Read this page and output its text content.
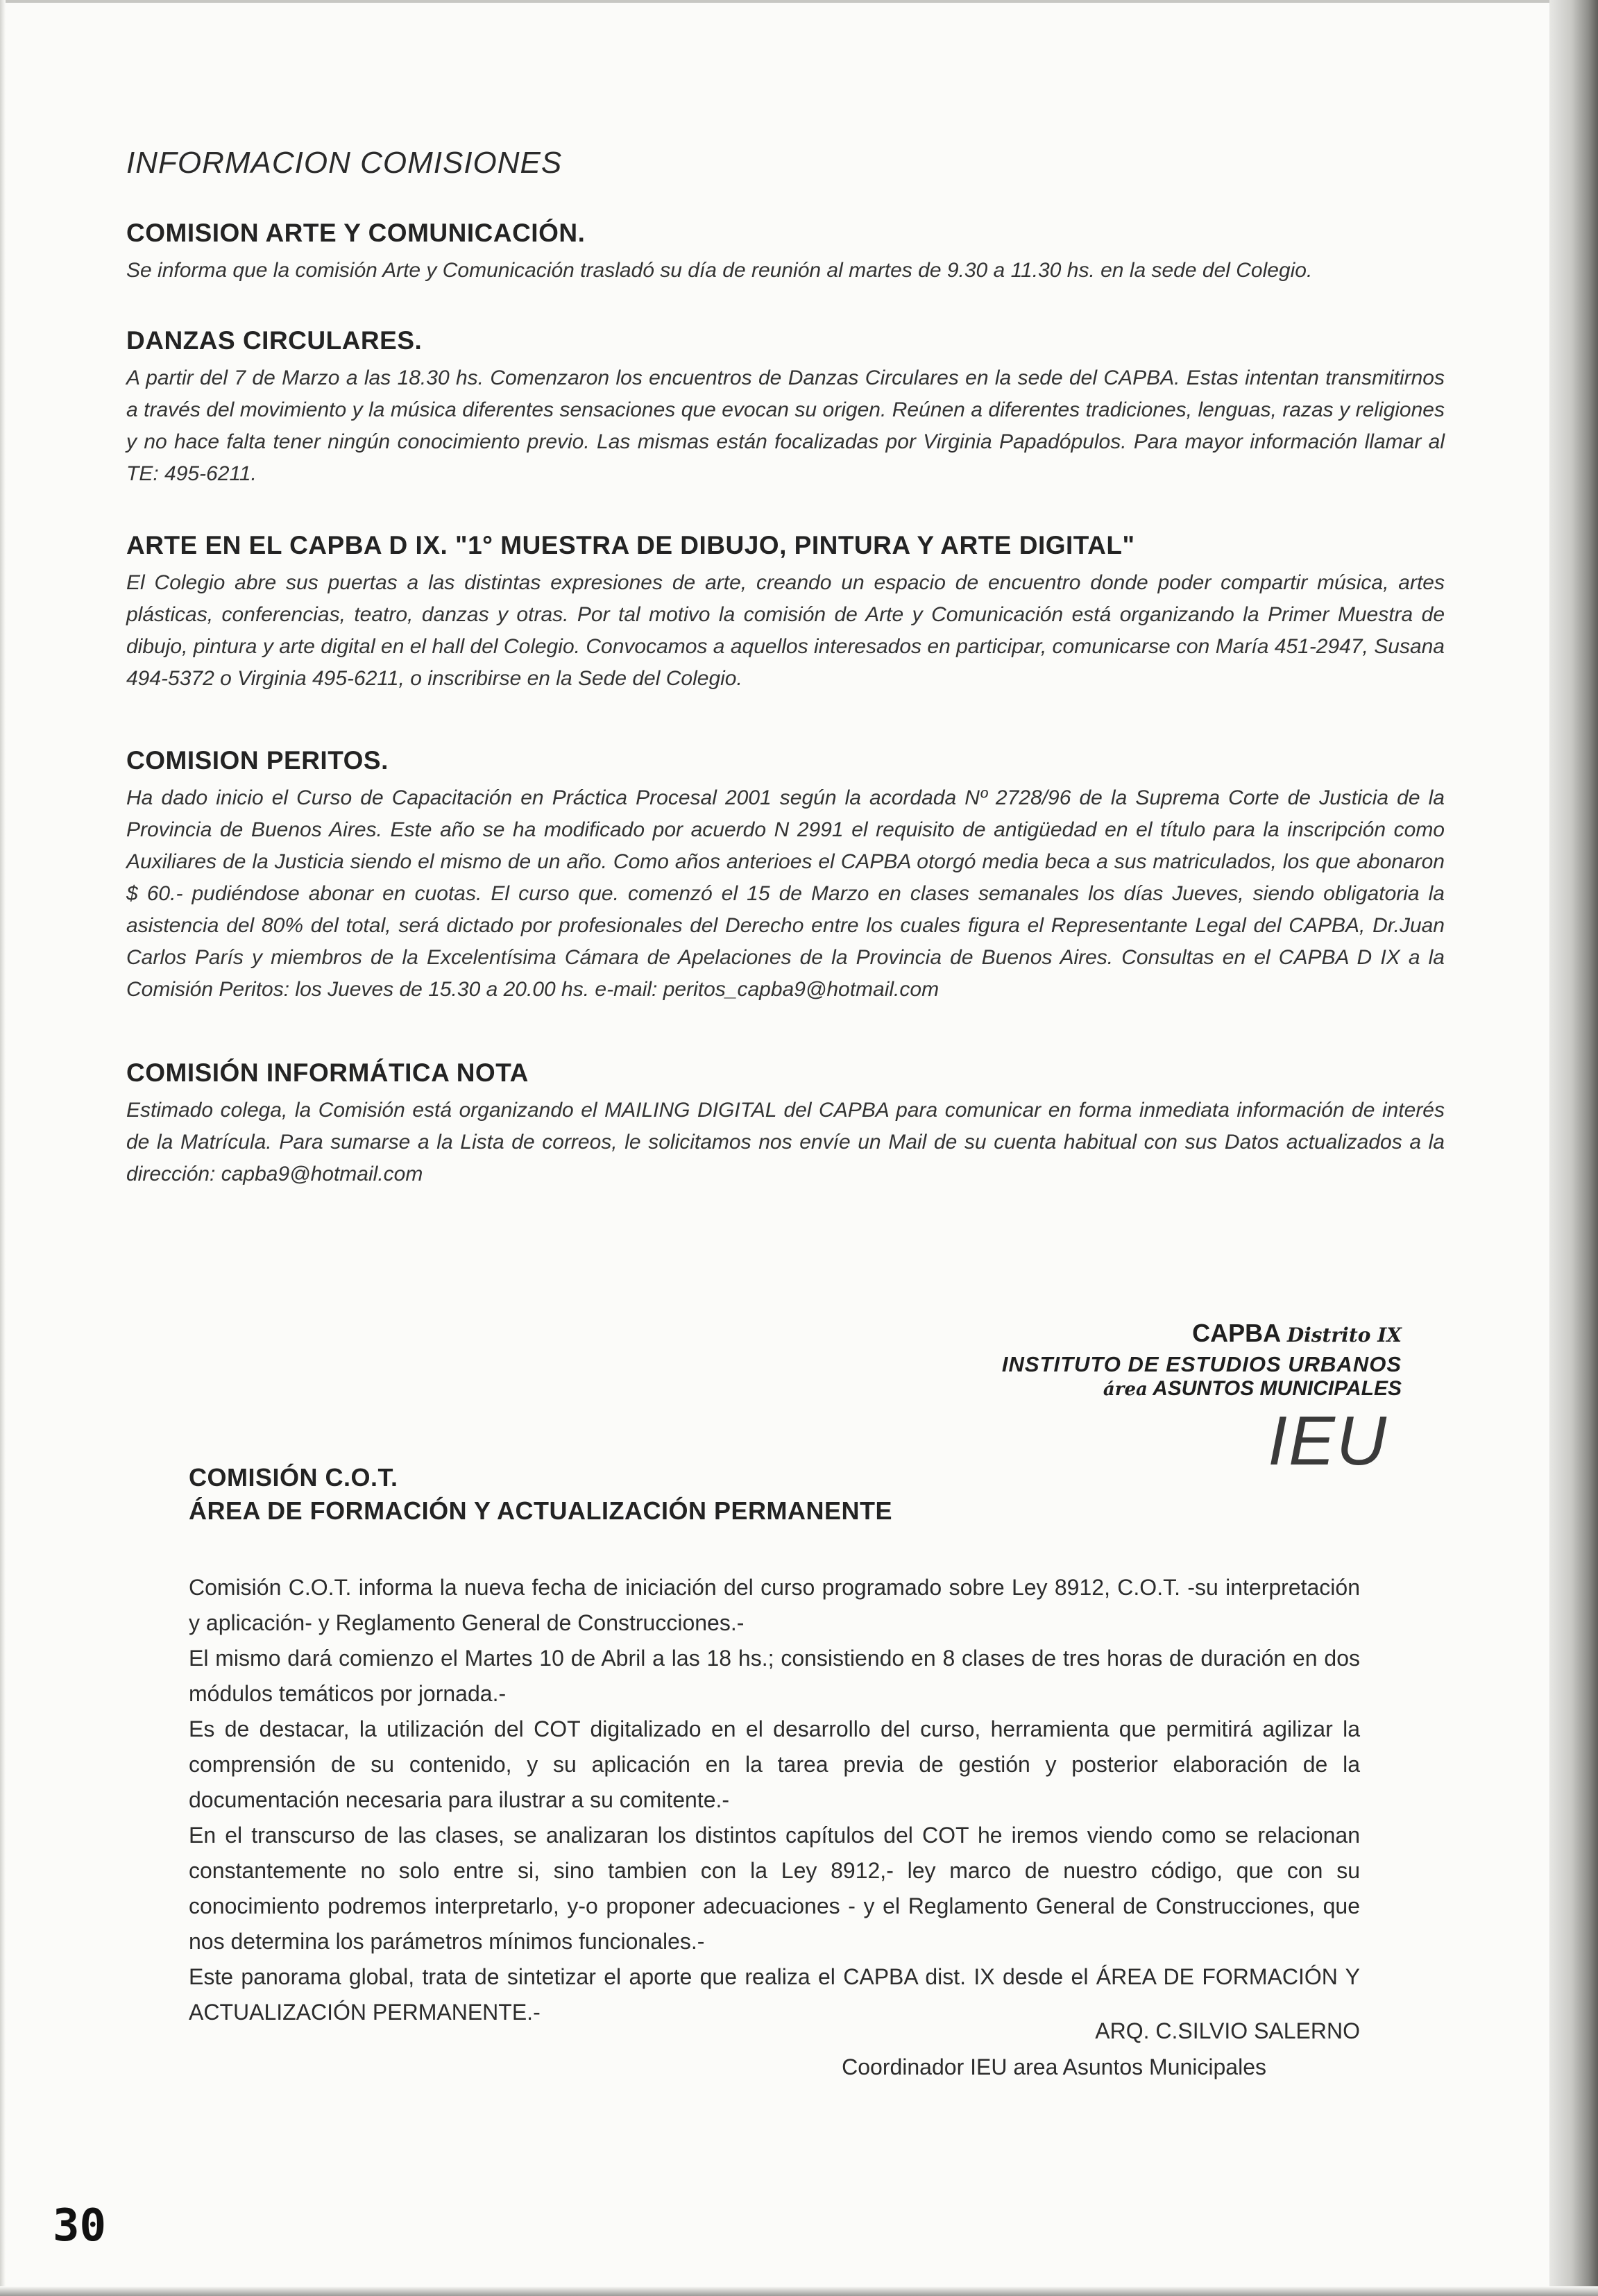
INFORMACION COMISIONES
COMISION ARTE Y COMUNICACIÓN.

Se informa que la comisión Arte y Comunicación trasladó su día de reunión al martes de 9.30 a 11.30 hs. en la sede del Colegio.

DANZAS CIRCULARES.

A partir del 7 de Marzo a las 18.30 hs. Comenzaron los encuentros de Danzas Circulares en la sede del CAPBA. Estas intentan transmitirnos a través del movimiento y la música diferentes sensaciones que evocan su origen. Reúnen a diferentes tradiciones, lenguas, razas y religiones y no hace falta tener ningún conocimiento previo. Las mismas están focalizadas por Virginia Papadópulos. Para mayor información llamar al TE: 495-6211.

ARTE EN EL CAPBA D IX. "1° MUESTRA DE DIBUJO, PINTURA Y ARTE DIGITAL"

El Colegio abre sus puertas a las distintas expresiones de arte, creando un espacio de encuentro donde poder compartir música, artes plásticas, conferencias, teatro, danzas y otras. Por tal motivo la comisión de Arte y Comunicación está organizando la Primer Muestra de dibujo, pintura y arte digital en el hall del Colegio. Convocamos a aquellos interesados en participar, comunicarse con María 451-2947, Susana 494-5372 o Virginia 495-6211, o inscribirse en la Sede del Colegio.

COMISION PERITOS.

Ha dado inicio el Curso de Capacitación en Práctica Procesal 2001 según la acordada Nº 2728/96 de la Suprema Corte de Justicia de la Provincia de Buenos Aires. Este año se ha modificado por acuerdo N 2991 el requisito de antigüedad en el título para la inscripción como Auxiliares de la Justicia siendo el mismo de un año. Como años anterioes el CAPBA otorgó media beca a sus matriculados, los que abonaron $ 60.- pudiéndose abonar en cuotas. El curso que. comenzó el 15 de Marzo en clases semanales los días Jueves, siendo obligatoria la asistencia del 80% del total, será dictado por profesionales del Derecho entre los cuales figura el Representante Legal del CAPBA, Dr.Juan Carlos París y miembros de la Excelentísima Cámara de Apelaciones de la Provincia de Buenos Aires. Consultas en el CAPBA D IX a la Comisión Peritos: los Jueves de 15.30 a 20.00 hs. e-mail: peritos_capba9@hotmail.com

COMISIÓN INFORMÁTICA NOTA

Estimado colega, la Comisión está organizando el MAILING DIGITAL del CAPBA para comunicar en forma inmediata información de interés de la Matrícula. Para sumarse a la Lista de correos, le solicitamos nos envíe un Mail de su cuenta habitual con sus Datos actualizados a la dirección: capba9@hotmail.com

CAPBA Distrito IX
INSTITUTO DE ESTUDIOS URBANOS
área ASUNTOS MUNICIPALES
IEU
COMISIÓN C.O.T.
ÁREA DE FORMACIÓN Y ACTUALIZACIÓN PERMANENTE

Comisión C.O.T. informa la nueva fecha de iniciación del curso programado sobre Ley 8912, C.O.T. -su interpretación y aplicación- y Reglamento General de Construcciones.-

El mismo dará comienzo el Martes 10 de Abril a las 18 hs.; consistiendo en 8 clases de tres horas de duración en dos módulos temáticos por jornada.-

Es de destacar, la utilización del COT digitalizado en el desarrollo del curso, herramienta que permitirá agilizar la comprensión de su contenido, y su aplicación en la tarea previa de gestión y posterior elaboración de la documentación necesaria para ilustrar a su comitente.-

En el transcurso de las clases, se analizaran los distintos capítulos del COT he iremos viendo como se relacionan constantemente no solo entre si, sino tambien con la Ley 8912,- ley marco de nuestro código, que con su conocimiento podremos interpretarlo, y-o proponer adecuaciones - y el Reglamento General de Construcciones, que nos determina los parámetros mínimos funcionales.-

Este panorama global, trata de sintetizar el aporte que realiza el CAPBA dist. IX desde el ÁREA DE FORMACIÓN Y ACTUALIZACIÓN PERMANENTE.-

ARQ. C.SILVIO SALERNO
Coordinador IEU area Asuntos Municipales
30
